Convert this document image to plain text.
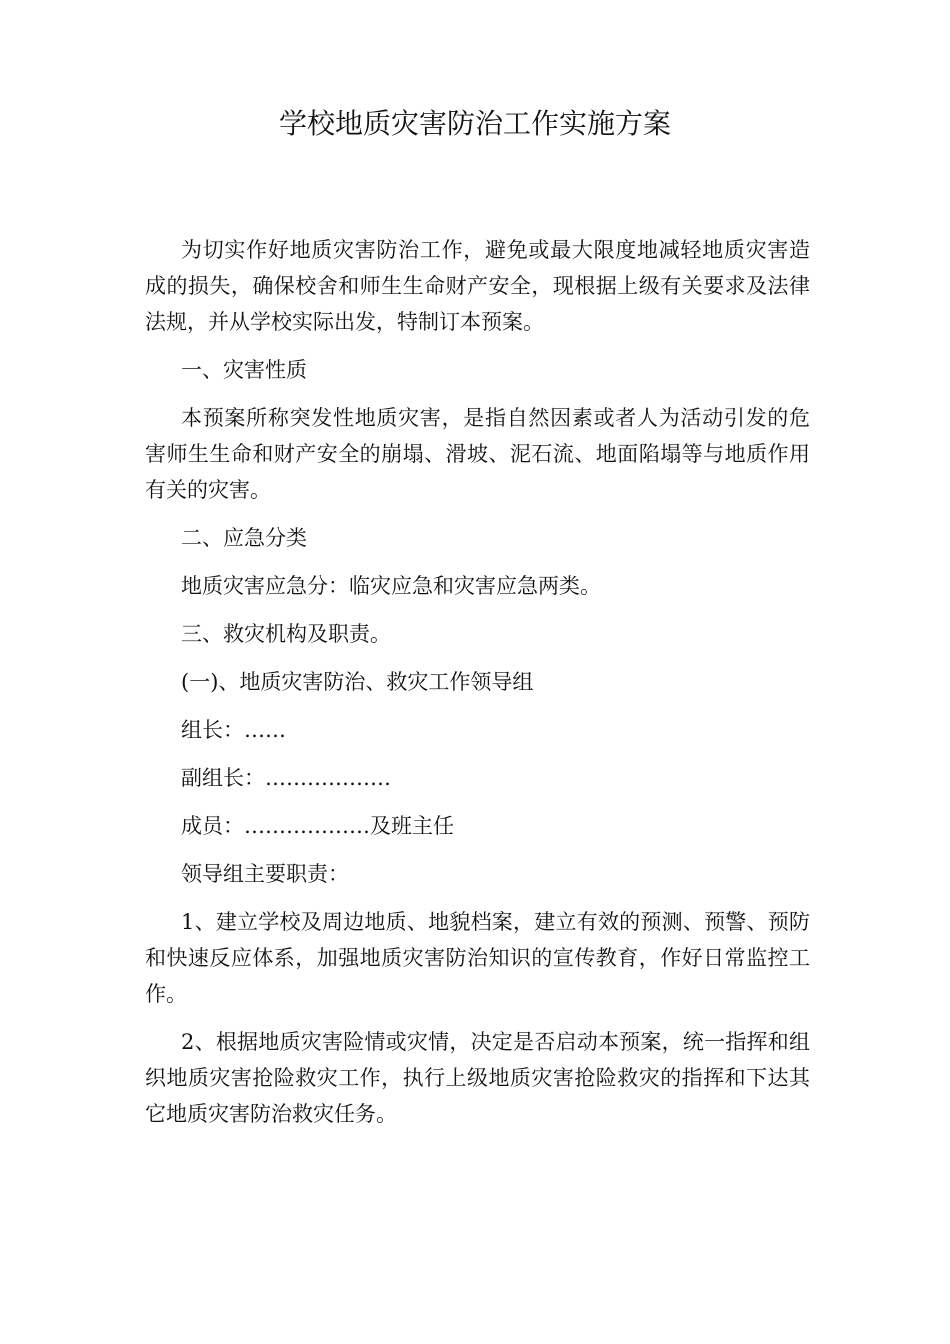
学校地质灾害防治工作实施方案

为切实作好地质灾害防治工作，避免或最大限度地减轻地质灾害造成的损失，确保校舍和师生生命财产安全，现根据上级有关要求及法律法规，并从学校实际出发，特制订本预案。

一、灾害性质

本预案所称突发性地质灾害，是指自然因素或者人为活动引发的危害师生生命和财产安全的崩塌、滑坡、泥石流、地面陷塌等与地质作用有关的灾害。

二、应急分类

地质灾害应急分：临灾应急和灾害应急两类。

三、救灾机构及职责。

(一)、地质灾害防治、救灾工作领导组

组长：……

副组长：………………

成员：………………及班主任

领导组主要职责：

1、建立学校及周边地质、地貌档案，建立有效的预测、预警、预防和快速反应体系，加强地质灾害防治知识的宣传教育，作好日常监控工作。

2、根据地质灾害险情或灾情，决定是否启动本预案，统一指挥和组织地质灾害抢险救灾工作，执行上级地质灾害抢险救灾的指挥和下达其它地质灾害防治救灾任务。
